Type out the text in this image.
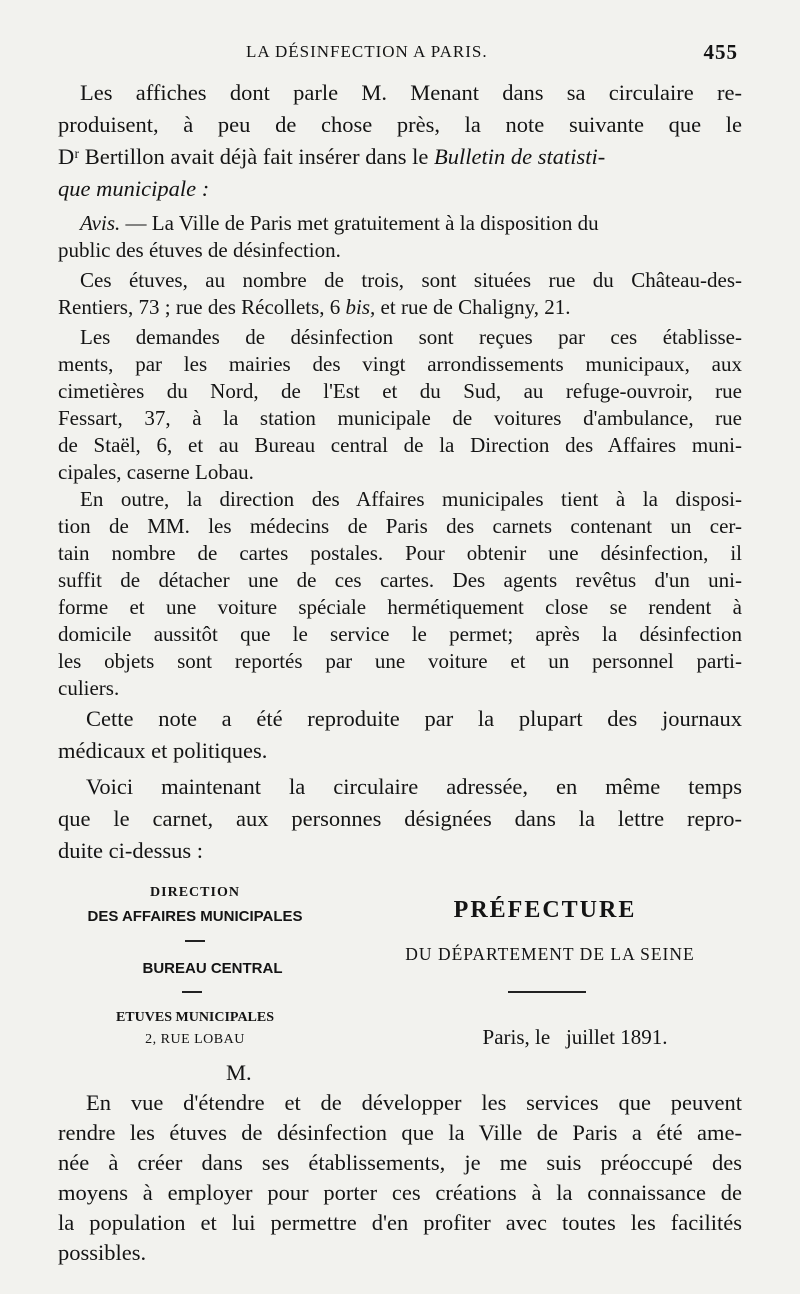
LA DÉSINFECTION A PARIS.	455
Les affiches dont parle M. Menant dans sa circulaire re-
produisent, à peu de chose près, la note suivante que le
Dʳ Bertillon avait déjà fait insérer dans le Bulletin de statisti-
que municipale :
Avis. — La Ville de Paris met gratuitement à la disposition du
public des étuves de désinfection.
Ces étuves, au nombre de trois, sont situées rue du Château-des-
Rentiers, 73 ; rue des Récollets, 6 bis, et rue de Chaligny, 21.
Les demandes de désinfection sont reçues par ces établisse-
ments, par les mairies des vingt arrondissements municipaux, aux
cimetières du Nord, de l'Est et du Sud, au refuge-ouvroir, rue
Fessart, 37, à la station municipale de voitures d'ambulance, rue
de Staël, 6, et au Bureau central de la Direction des Affaires muni-
cipales, caserne Lobau.
En outre, la direction des Affaires municipales tient à la disposi-
tion de MM. les médecins de Paris des carnets contenant un cer-
tain nombre de cartes postales. Pour obtenir une désinfection, il
suffit de détacher une de ces cartes. Des agents revêtus d'un uni-
forme et une voiture spéciale hermétiquement close se rendent à
domicile aussitôt que le service le permet; après la désinfection
les objets sont reportés par une voiture et un personnel parti-
culiers.
Cette note a été reproduite par la plupart des journaux
médicaux et politiques.
Voici maintenant la circulaire adressée, en même temps
que le carnet, aux personnes désignées dans la lettre repro-
duite ci-dessus :
DIRECTION
DES AFFAIRES MUNICIPALES
BUREAU CENTRAL
ETUVES MUNICIPALES
2, RUE LOBAU
PRÉFECTURE
DU DÉPARTEMENT DE LA SEINE
Paris, le   juillet 1891.
M.
En vue d'étendre et de développer les services que peuvent
rendre les étuves de désinfection que la Ville de Paris a été ame-
née à créer dans ses établissements, je me suis préoccupé des
moyens à employer pour porter ces créations à la connaissance de
la population et lui permettre d'en profiter avec toutes les facilités
possibles.
